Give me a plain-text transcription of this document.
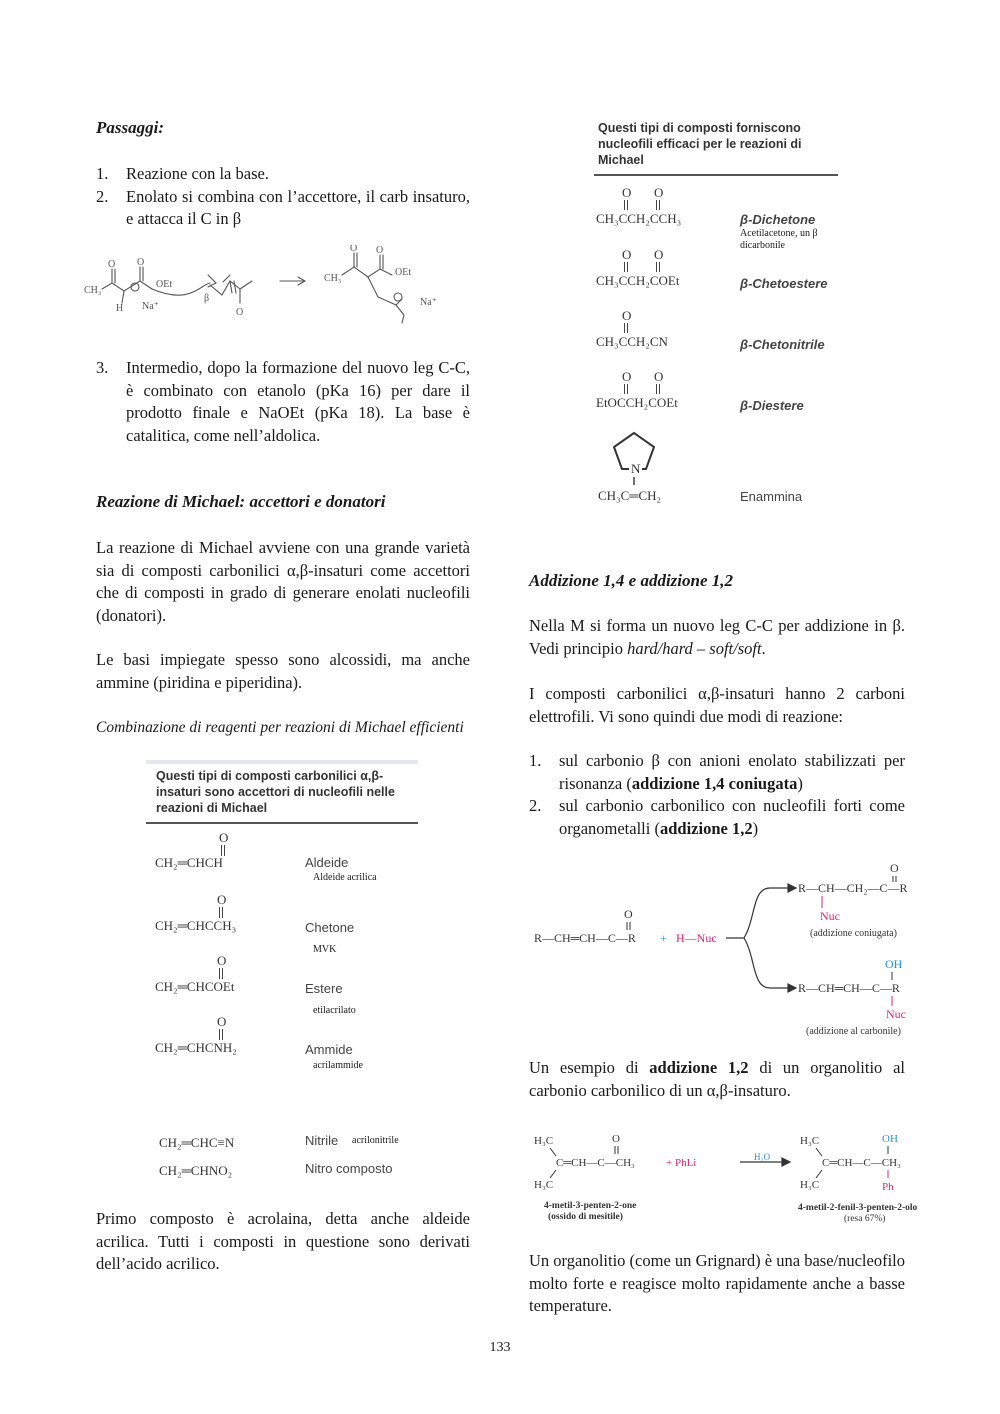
Passaggi:
1.	Reazione con la base.
2.	Enolato si combina con l’accettore, il carb insaturo, e attacca il C in β
CH₃
O O
OEt
Na⁺
H
β
O
CH₃
O O
OEt
Na⁺
3.	Intermedio, dopo la formazione del nuovo leg C-C, è combinato con etanolo (pKa 16) per dare il prodotto finale e NaOEt (pKa 18). La base è catalitica, come nell’aldolica.
Reazione di Michael: accettori e donatori
La reazione di Michael avviene con una grande varietà sia di composti carbonilici α,β-insaturi come accettori che di composti in grado di generare enolati nucleofili (donatori).
Le basi impiegate spesso sono alcossidi, ma anche ammine (piridina e piperidina).
Combinazione di reagenti per reazioni di Michael efficienti
Questi tipi di composti carbonilici α,β-insaturi sono accettori di nucleofili nelle reazioni di Michael
O
CH₂═CHCH	Aldeide
Aldeide acrilica
O
CH₂═CHCCH₃	Chetone
MVK
O
CH₂═CHCOEt	Estere
etilacrilato
O
CH₂═CHCNH₂	Ammide
acrilammide
CH₂═CHC≡N	Nitrile acrilonitrile
CH₂═CHNO₂	Nitro composto
Primo composto è acrolaina, detta anche aldeide acrilica. Tutti i composti in questione sono derivati dell’acido acrilico.
Questi tipi di composti forniscono nucleofili efficaci per le reazioni di Michael
O O
CH₃CCH₂CCH₃	β-Dichetone
Acetilacetone, un β dicarbonile
O O
CH₃CCH₂COEt	β-Chetoestere
O
CH₃CCH₂CN	β-Chetonitrile
O O
EtOCCH₂COEt	β-Diestere
N
CH₃C═CH₂	Enammina
Addizione 1,4 e addizione 1,2
Nella M si forma un nuovo leg C-C per addizione in β. Vedi principio hard/hard – soft/soft.
I composti carbonilici α,β-insaturi hanno 2 carboni elettrofili. Vi sono quindi due modi di reazione:
1.	sul carbonio β con anioni enolato stabilizzati per risonanza (addizione 1,4 coniugata)
2.	sul carbonio carbonilico con nucleofili forti come organometalli (addizione 1,2)
O
R—CH═CH—C—R + H—Nuc
O
R—CH—CH₂—C—R
Nuc
(addizione coniugata)
OH
R—CH═CH—C—R
Nuc
(addizione al carbonile)
Un esempio di addizione 1,2 di un organolitio al carbonio carbonilico di un α,β-insaturo.
H₃C	O
C═CH—C—CH₃
H₃C
+ PhLi	H₂O
H₃C	OH
C═CH—C—CH₃
H₃C	Ph
4-metil-3-penten-2-one
(ossido di mesitile)
4-metil-2-fenil-3-penten-2-olo
(resa 67%)
Un organolitio (come un Grignard) è una base/nucleofilo molto forte e reagisce molto rapidamente anche a basse temperature.
133
